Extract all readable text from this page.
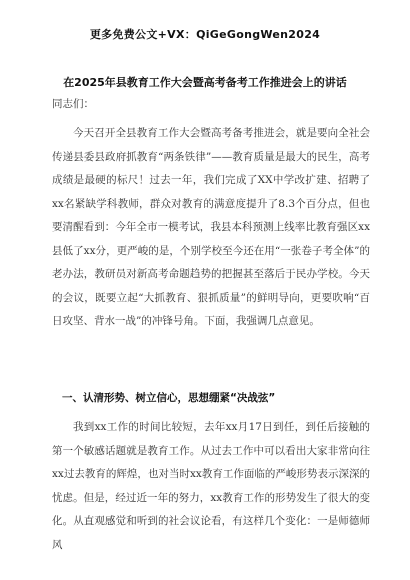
更多免费公文+VX：QiGeGongWen2024
在2025年县教育工作大会暨高考备考工作推进会上的讲话
同志们：

今天召开全县教育工作大会暨高考备考推进会，就是要向全社会传递县委县政府抓教育“两条铁律”——教育质量是最大的民生，高考成绩是最硬的标尺！过去一年，我们完成了XX中学改扩建、招聘了xx名紧缺学科教师，群众对教育的满意度提升了8.3个百分点，但也要清醒看到：今年全市一模考试，我县本科预测上线率比教育强区xx县低了xx分，更严峻的是，个别学校至今还在用“一张卷子考全体”的老办法，教研员对新高考命题趋势的把握甚至落后于民办学校。今天的会议，既要立起“大抓教育、狠抓质量”的鲜明导向，更要吹响“百日攻坚、背水一战”的冲锋号角。下面，我强调几点意见。

一、认清形势、树立信心，思想绷紧“决战弦”

我到xx工作的时间比较短，去年xx月17日到任，到任后接触的第一个敏感话题就是教育工作。从过去工作中可以看出大家非常向往xx过去教育的辉煌，也对当时xx教育工作面临的严峻形势表示深深的忧虑。但是，经过近一年的努力，xx教育工作的形势发生了很大的变化。从直观感觉和听到的社会议论看，有这样几个变化：一是师德师风
